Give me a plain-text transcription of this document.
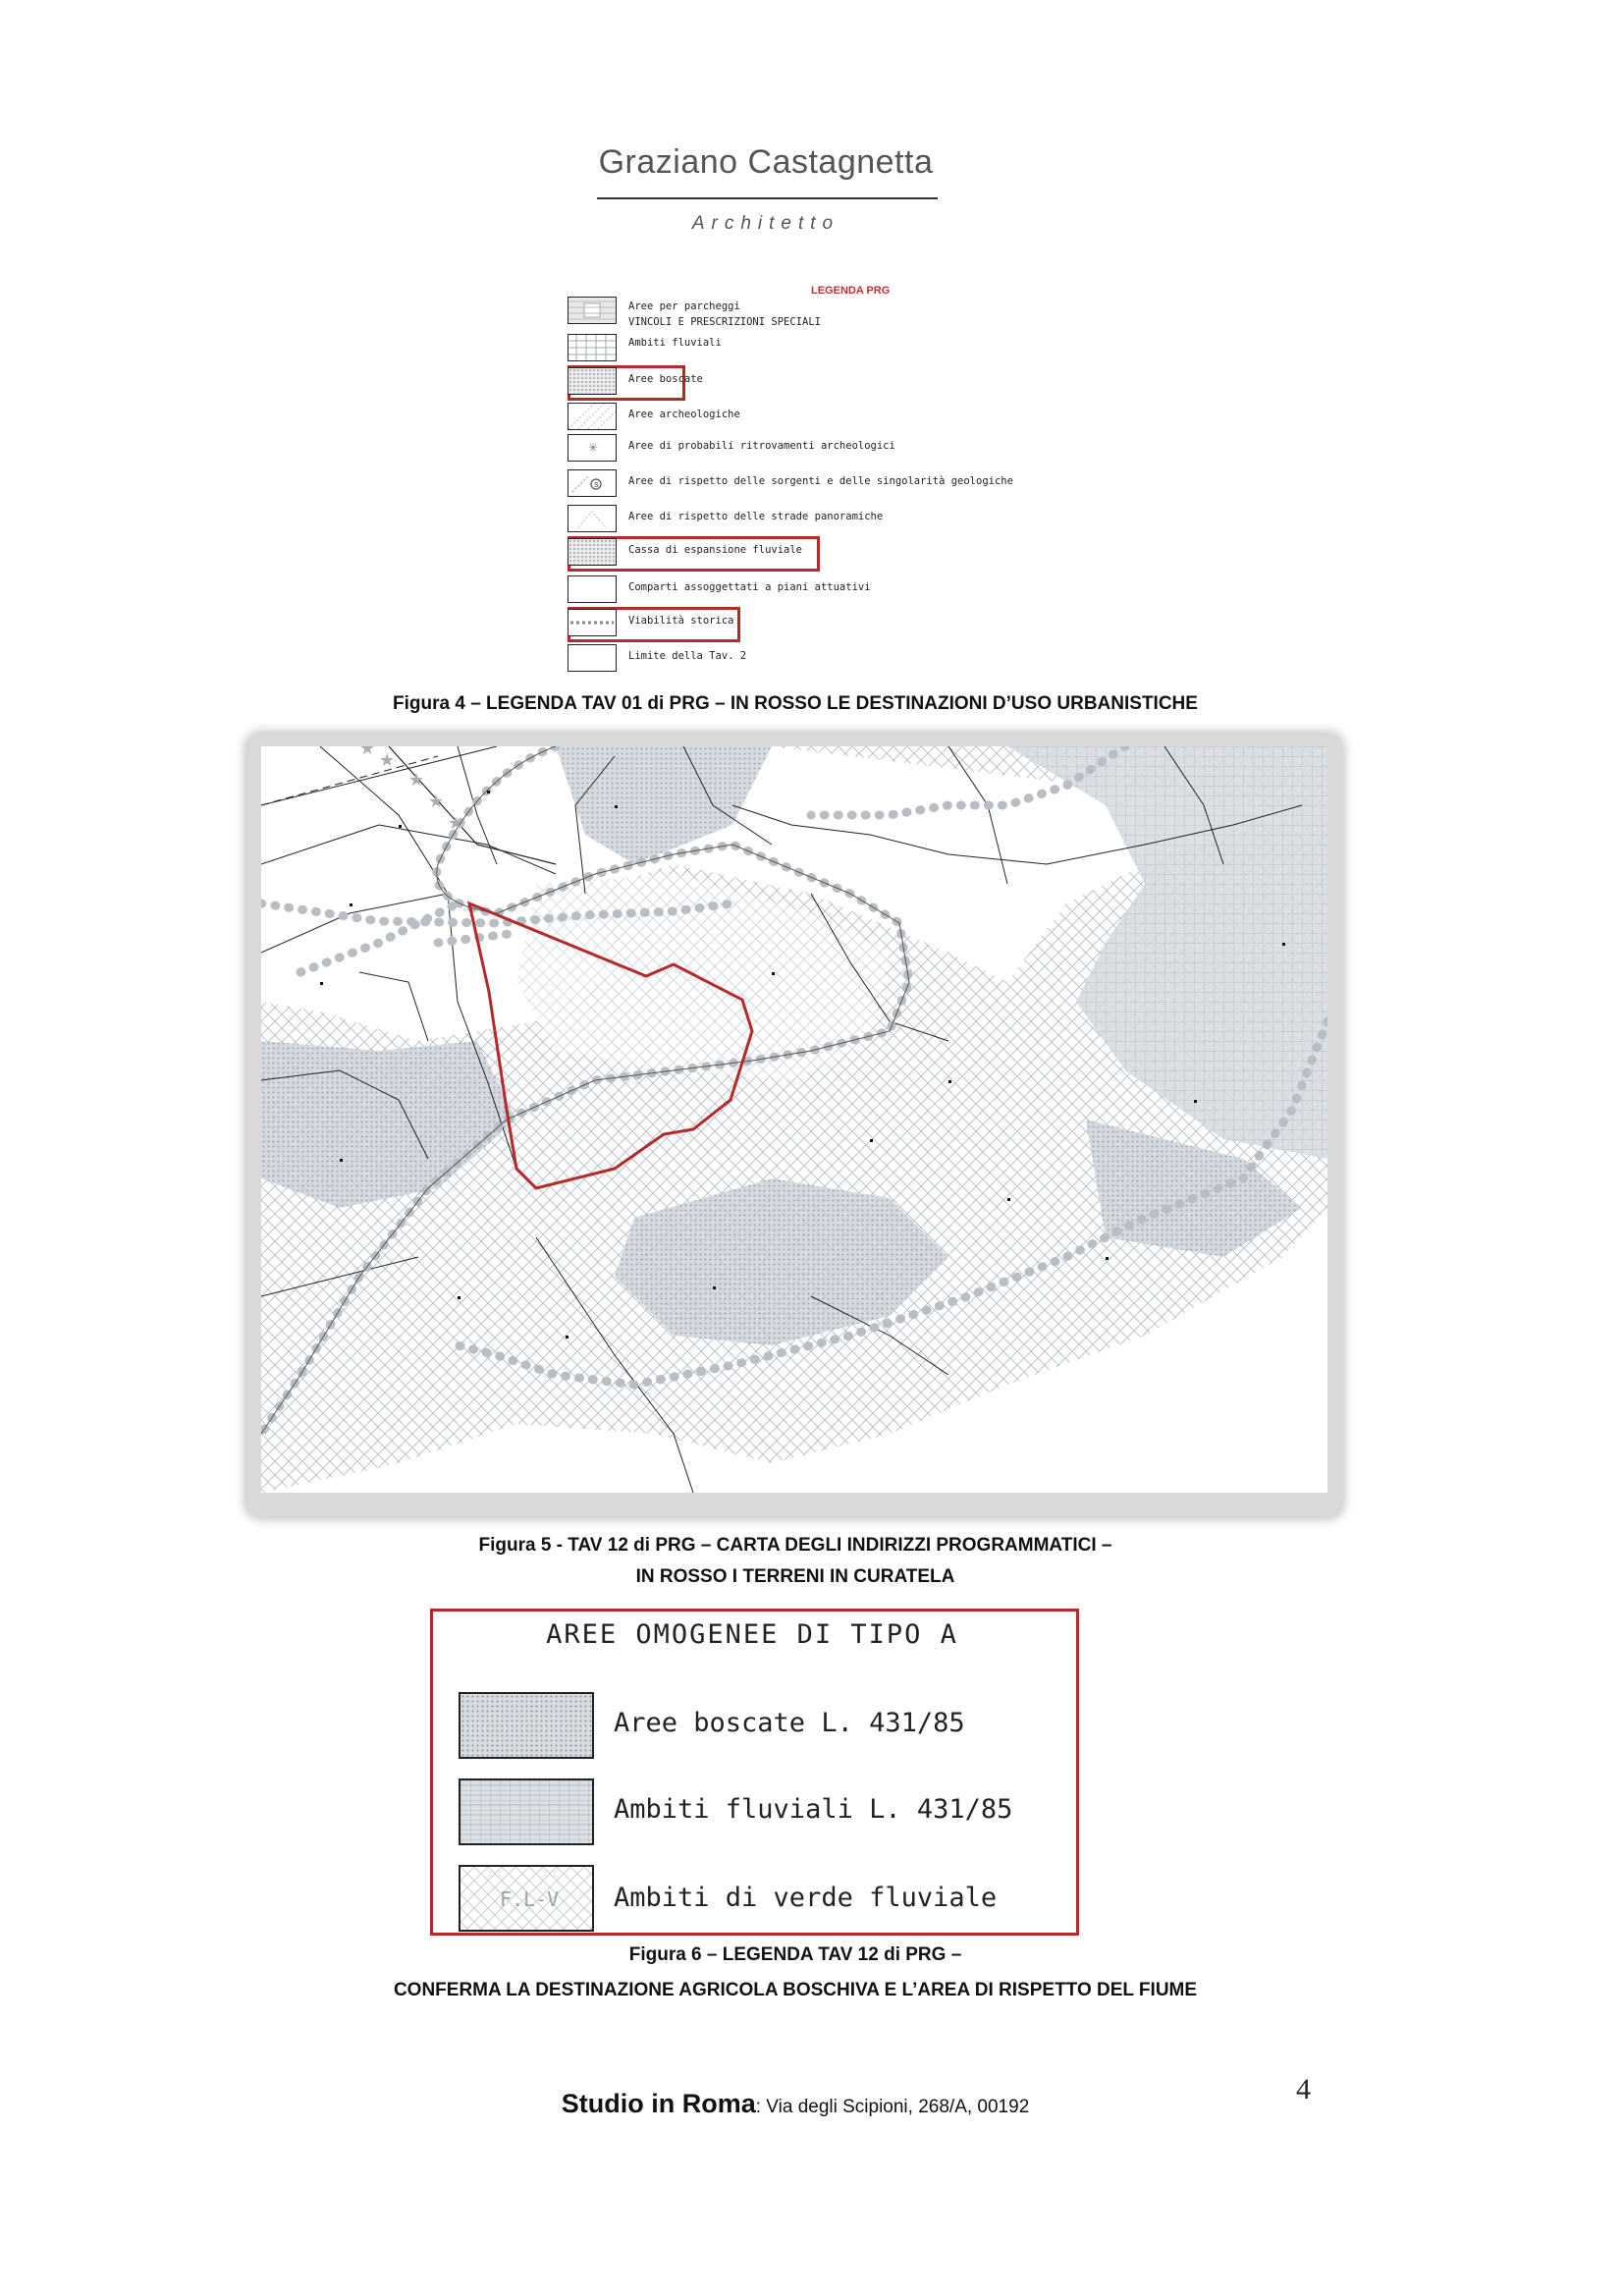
Graziano Castagnetta
Architetto
LEGENDA PRG
Aree per parcheggi
VINCOLI E PRESCRIZIONI SPECIALI
Ambiti fluviali
Aree boscate
Aree archeologiche
✳	Aree di probabili ritrovamenti archeologici
S	Aree di rispetto delle sorgenti e delle singolarità geologiche
Aree di rispetto delle strade panoramiche
Cassa di espansione fluviale
Comparti assoggettati a piani attuativi
Viabilità storica
Limite della Tav. 2
Figura 4 – LEGENDA TAV 01 di PRG – IN ROSSO LE DESTINAZIONI D’USO URBANISTICHE
★
★
★
★
★
Figura 5 - TAV 12 di PRG – CARTA DEGLI INDIRIZZI PROGRAMMATICI –
IN ROSSO I TERRENI IN CURATELA
AREE OMOGENEE DI TIPO A
Aree boscate L. 431/85
Ambiti fluviali L. 431/85
F.L-V Ambiti di verde fluviale
Figura 6 – LEGENDA TAV 12 di PRG –
CONFERMA LA DESTINAZIONE AGRICOLA BOSCHIVA E L’AREA DI RISPETTO DEL FIUME
Studio in Roma: Via degli Scipioni, 268/A, 00192
4
